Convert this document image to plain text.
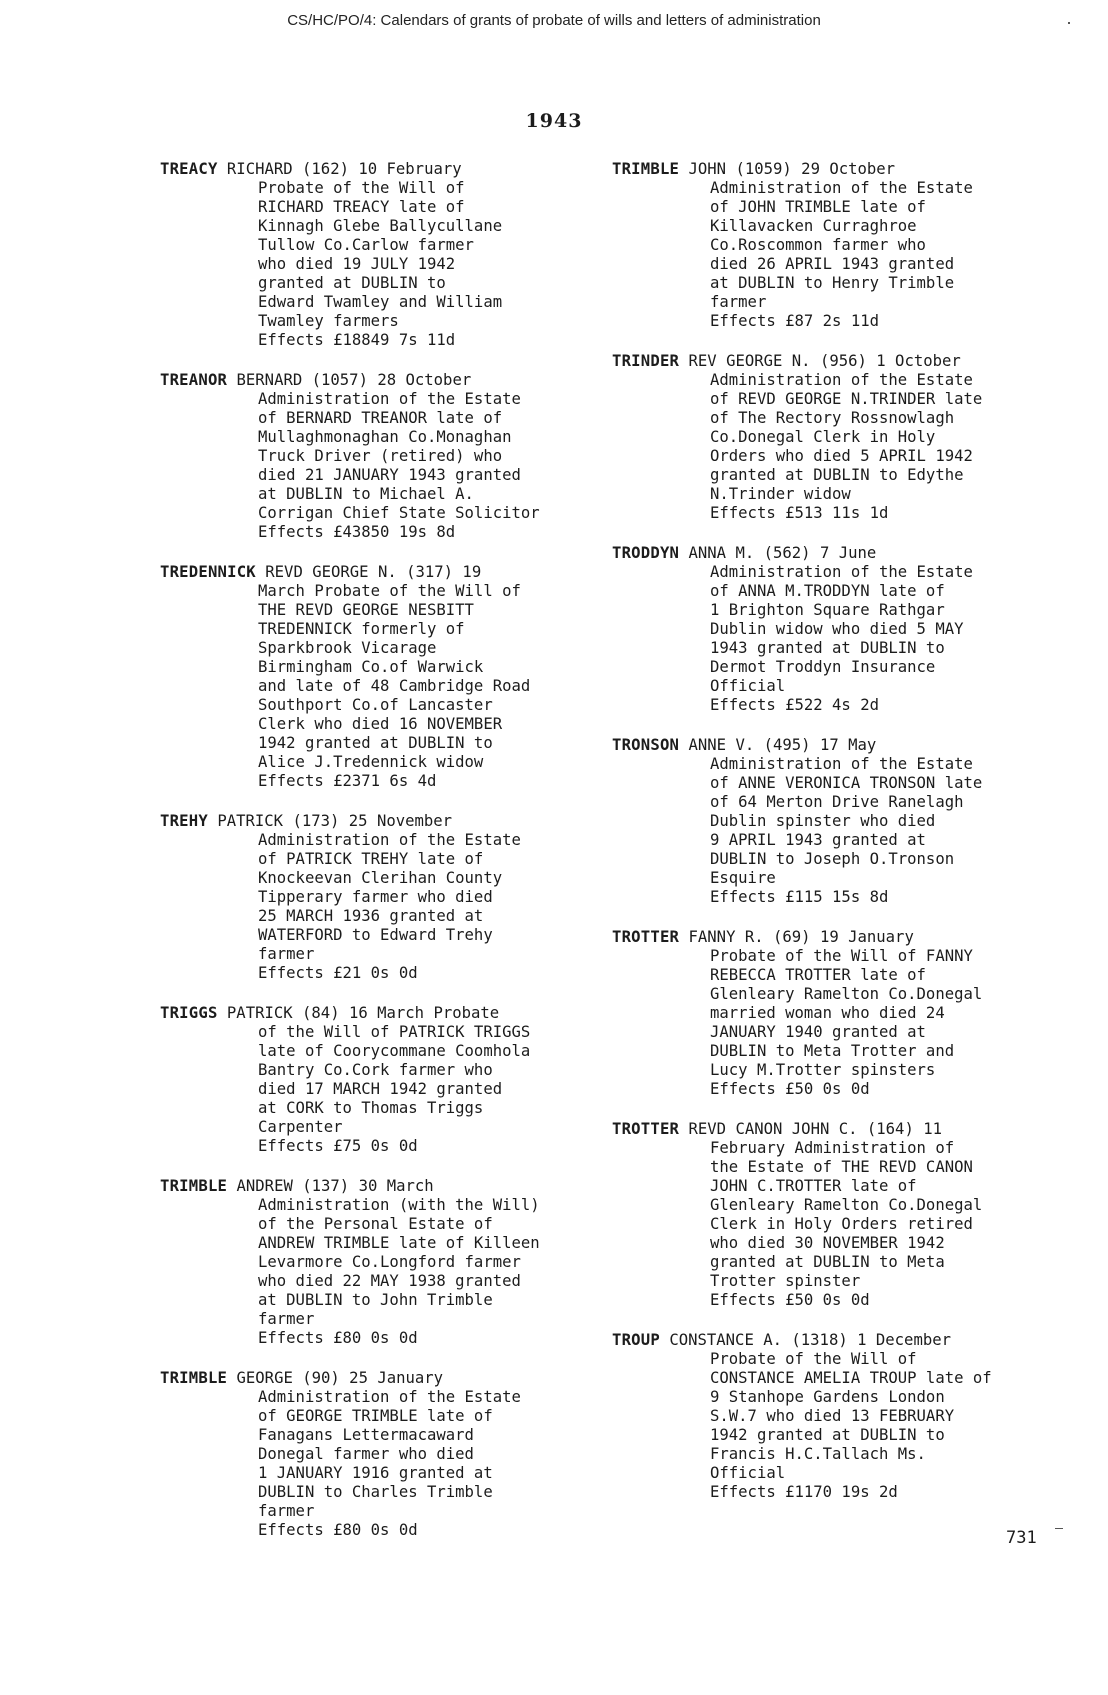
CS/HC/PO/4: Calendars of grants of probate of wills and letters of administration
1943
TREACY RICHARD (162) 10 February
Probate of the Will of
RICHARD TREACY late of
Kinnagh Glebe Ballycullane
Tullow Co.Carlow farmer
who died 19 JULY 1942
granted at DUBLIN to
Edward Twamley and William
Twamley farmers
Effects £18849 7s 11d
TREANOR BERNARD (1057) 28 October
Administration of the Estate
of BERNARD TREANOR late of
Mullaghmonaghan Co.Monaghan
Truck Driver (retired) who
died 21 JANUARY 1943 granted
at DUBLIN to Michael A.
Corrigan Chief State Solicitor
Effects £43850 19s 8d
TREDENNICK REVD GEORGE N. (317) 19
March Probate of the Will of
THE REVD GEORGE NESBITT
TREDENNICK formerly of
Sparkbrook Vicarage
Birmingham Co.of Warwick
and late of 48 Cambridge Road
Southport Co.of Lancaster
Clerk who died 16 NOVEMBER
1942 granted at DUBLIN to
Alice J.Tredennick widow
Effects £2371 6s 4d
TREHY PATRICK (173) 25 November
Administration of the Estate
of PATRICK TREHY late of
Knockeevan Clerihan County
Tipperary farmer who died
25 MARCH 1936 granted at
WATERFORD to Edward Trehy
farmer
Effects £21 0s 0d
TRIGGS PATRICK (84) 16 March Probate
of the Will of PATRICK TRIGGS
late of Coorycommane Coomhola
Bantry Co.Cork farmer who
died 17 MARCH 1942 granted
at CORK to Thomas Triggs
Carpenter
Effects £75 0s 0d
TRIMBLE ANDREW (137) 30 March
Administration (with the Will)
of the Personal Estate of
ANDREW TRIMBLE late of Killeen
Levarmore Co.Longford farmer
who died 22 MAY 1938 granted
at DUBLIN to John Trimble
farmer
Effects £80 0s 0d
TRIMBLE GEORGE (90) 25 January
Administration of the Estate
of GEORGE TRIMBLE late of
Fanagans Lettermacaward
Donegal farmer who died
1 JANUARY 1916 granted at
DUBLIN to Charles Trimble
farmer
Effects £80 0s 0d
TRIMBLE JOHN (1059) 29 October
Administration of the Estate
of JOHN TRIMBLE late of
Killavacken Curraghroe
Co.Roscommon farmer who
died 26 APRIL 1943 granted
at DUBLIN to Henry Trimble
farmer
Effects £87 2s 11d
TRINDER REV GEORGE N. (956) 1 October
Administration of the Estate
of REVD GEORGE N.TRINDER late
of The Rectory Rossnowlagh
Co.Donegal Clerk in Holy
Orders who died 5 APRIL 1942
granted at DUBLIN to Edythe
N.Trinder widow
Effects £513 11s 1d
TRODDYN ANNA M. (562) 7 June
Administration of the Estate
of ANNA M.TRODDYN late of
1 Brighton Square Rathgar
Dublin widow who died 5 MAY
1943 granted at DUBLIN to
Dermot Troddyn Insurance
Official
Effects £522 4s 2d
TRONSON ANNE V. (495) 17 May
Administration of the Estate
of ANNE VERONICA TRONSON late
of 64 Merton Drive Ranelagh
Dublin spinster who died
9 APRIL 1943 granted at
DUBLIN to Joseph O.Tronson
Esquire
Effects £115 15s 8d
TROTTER FANNY R. (69) 19 January
Probate of the Will of FANNY
REBECCA TROTTER late of
Glenleary Ramelton Co.Donegal
married woman who died 24
JANUARY 1940 granted at
DUBLIN to Meta Trotter and
Lucy M.Trotter spinsters
Effects £50 0s 0d
TROTTER REVD CANON JOHN C. (164) 11
February Administration of
the Estate of THE REVD CANON
JOHN C.TROTTER late of
Glenleary Ramelton Co.Donegal
Clerk in Holy Orders retired
who died 30 NOVEMBER 1942
granted at DUBLIN to Meta
Trotter spinster
Effects £50 0s 0d
TROUP CONSTANCE A. (1318) 1 December
Probate of the Will of
CONSTANCE AMELIA TROUP late of
9 Stanhope Gardens London
S.W.7 who died 13 FEBRUARY
1942 granted at DUBLIN to
Francis H.C.Tallach Ms.
Official
Effects £1170 19s 2d
731
